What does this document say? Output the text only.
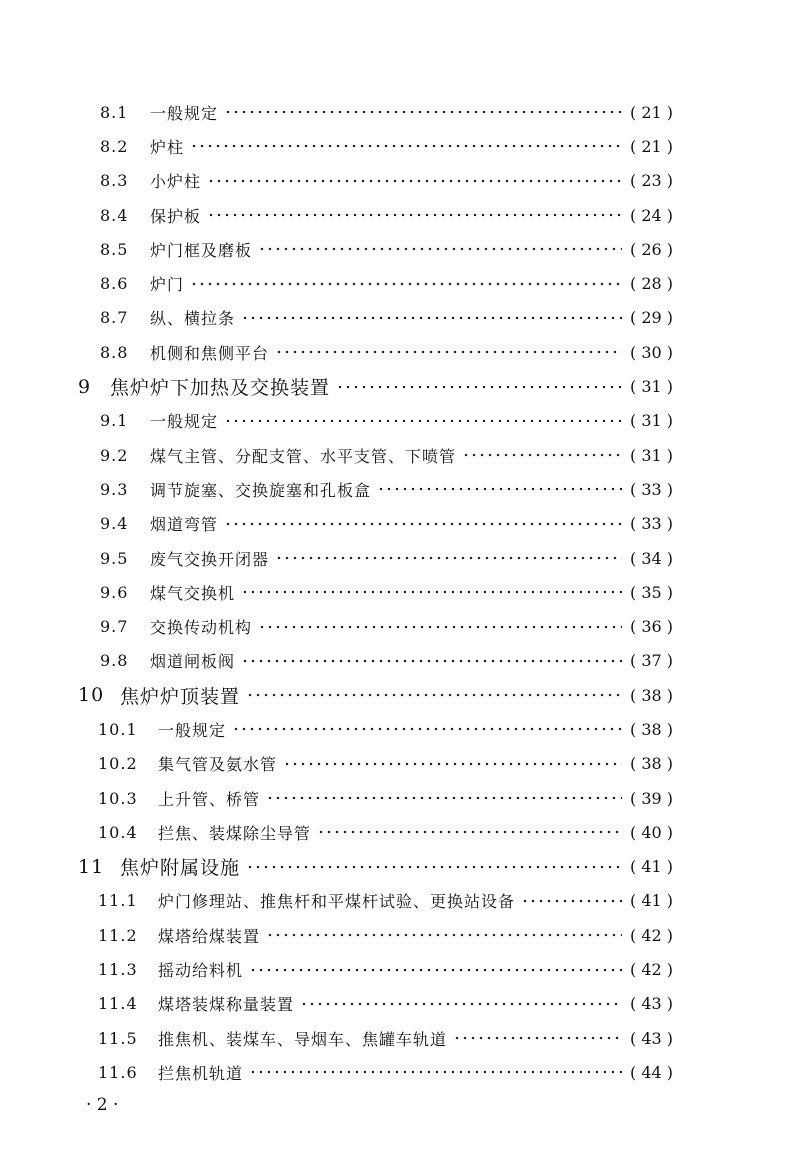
8.1	一般规定	( 21 )
8.2	炉柱	( 21 )
8.3	小炉柱	( 23 )
8.4	保护板	( 24 )
8.5	炉门框及磨板	( 26 )
8.6	炉门	( 28 )
8.7	纵、横拉条	( 29 )
8.8	机侧和焦侧平台	( 30 )
9 焦炉炉下加热及交换装置	( 31 )
9.1	一般规定	( 31 )
9.2	煤气主管、分配支管、水平支管、下喷管	( 31 )
9.3	调节旋塞、交换旋塞和孔板盒	( 33 )
9.4	烟道弯管	( 33 )
9.5	废气交换开闭器	( 34 )
9.6	煤气交换机	( 35 )
9.7	交换传动机构	( 36 )
9.8	烟道闸板阀	( 37 )
10 焦炉炉顶装置	( 38 )
10.1	一般规定	( 38 )
10.2	集气管及氨水管	( 38 )
10.3	上升管、桥管	( 39 )
10.4	拦焦、装煤除尘导管	( 40 )
11 焦炉附属设施	( 41 )
11.1	炉门修理站、推焦杆和平煤杆试验、更换站设备	( 41 )
11.2	煤塔给煤装置	( 42 )
11.3	摇动给料机	( 42 )
11.4	煤塔装煤称量装置	( 43 )
11.5	推焦机、装煤车、导烟车、焦罐车轨道	( 43 )
11.6	拦焦机轨道	( 44 )
· 2 ·
